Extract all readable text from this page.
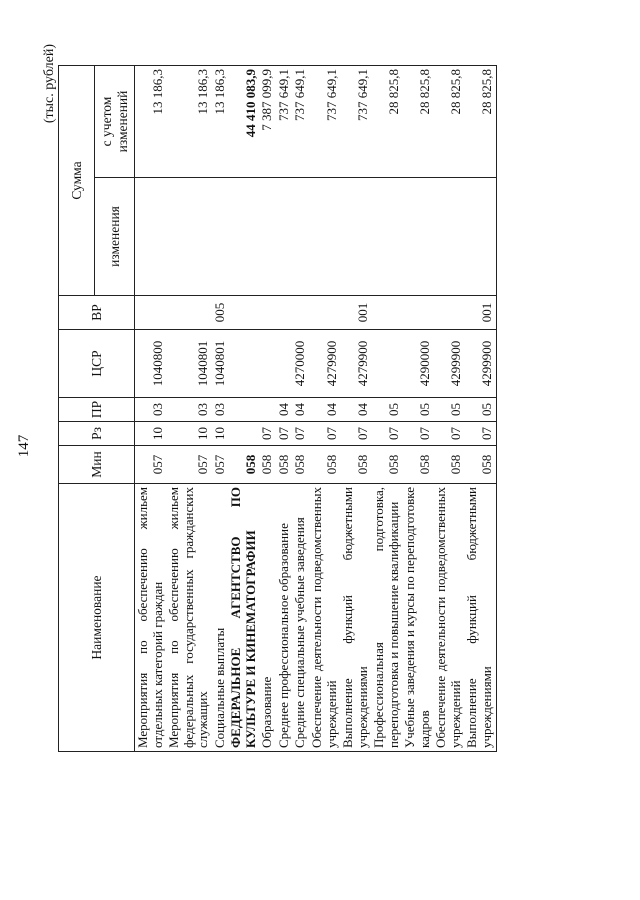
147
(тыс. рублей)
Наименование	Мин	Рз	ПР	ЦСР	ВР	Сумма	
						изменения	с учетом изменений
Мероприятия по обеспечению жильем отдельных категорий граждан	057	10	03	1040800			13 186,3
Мероприятия по обеспечению жильем федеральных государственных гражданских служащих	057	10	03	1040801			13 186,3
Социальные выплаты	057	10	03	1040801	005		13 186,3
ФЕДЕРАЛЬНОЕ АГЕНТСТВО ПО КУЛЬТУРЕ И КИНЕМАТОГРАФИИ	058						44 410 083,9
Образование	058	07					7 387 099,9
Среднее профессиональное образование	058	07	04				737 649,1
Средние специальные учебные заведения	058	07	04	4270000			737 649,1
Обеспечение деятельности подведомственных учреждений	058	07	04	4279900			737 649,1
Выполнение функций бюджетными учреждениями	058	07	04	4279900	001		737 649,1
Профессиональная подготовка, переподготовка и повышение квалификации	058	07	05				28 825,8
Учебные заведения и курсы по переподготовке кадров	058	07	05	4290000			28 825,8
Обеспечение деятельности подведомственных учреждений	058	07	05	4299900			28 825,8
Выполнение функций бюджетными учреждениями	058	07	05	4299900	001		28 825,8
